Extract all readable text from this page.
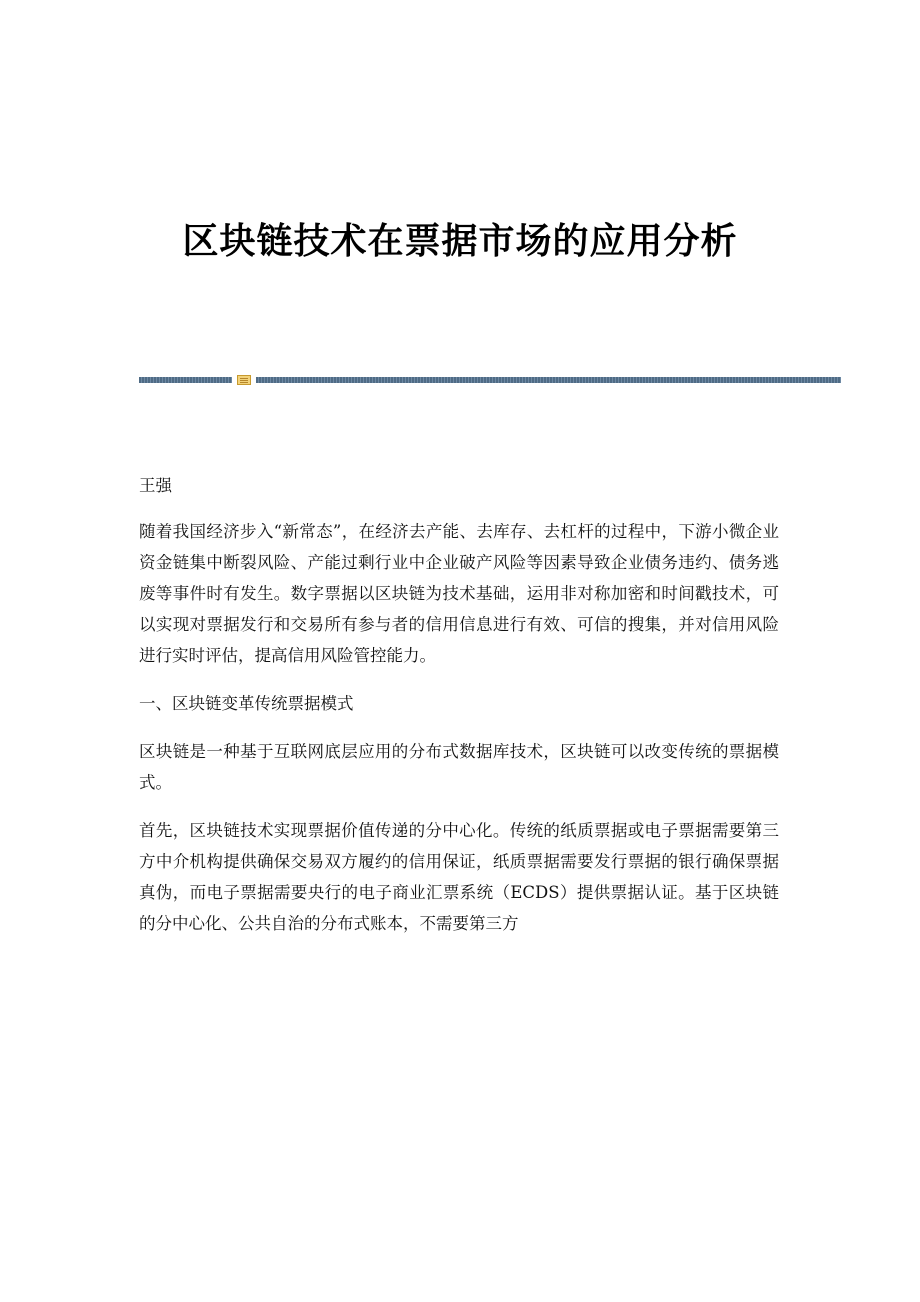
区块链技术在票据市场的应用分析

王强

随着我国经济步入“新常态”，在经济去产能、去库存、去杠杆的过程中，下游小微企业资金链集中断裂风险、产能过剩行业中企业破产风险等因素导致企业债务违约、债务逃废等事件时有发生。数字票据以区块链为技术基础，运用非对称加密和时间戳技术，可以实现对票据发行和交易所有参与者的信用信息进行有效、可信的搜集，并对信用风险进行实时评估，提高信用风险管控能力。

一、区块链变革传统票据模式

区块链是一种基于互联网底层应用的分布式数据库技术，区块链可以改变传统的票据模式。

首先，区块链技术实现票据价值传递的分中心化。传统的纸质票据或电子票据需要第三方中介机构提供确保交易双方履约的信用保证，纸质票据需要发行票据的银行确保票据真伪，而电子票据需要央行的电子商业汇票系统（ECDS）提供票据认证。基于区块链的分中心化、公共自治的分布式账本，不需要第三方
